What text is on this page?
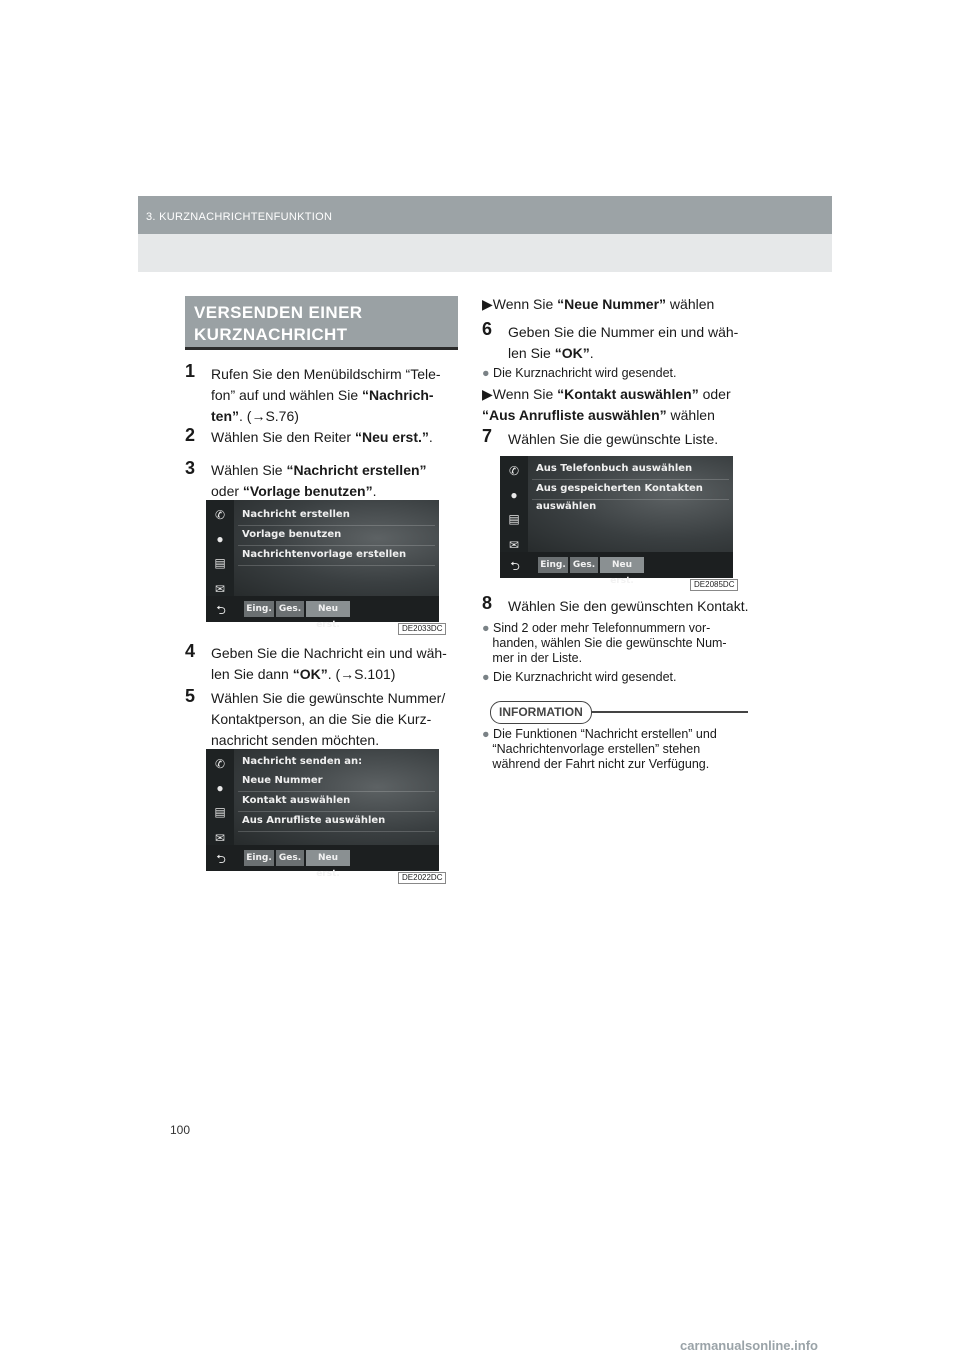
3. KURZNACHRICHTENFUNKTION
VERSENDEN EINER KURZNACHRICHT
1 Rufen Sie den Menübildschirm “Tele-
fon” auf und wählen Sie “Nachrich-
ten”. (→S.76)
2 Wählen Sie den Reiter “Neu erst.”.
3 Wählen Sie “Nachricht erstellen”
oder “Vorlage benutzen”.
✆
●
▤
✉
Nachricht erstellen
Vorlage benutzen
Nachrichtenvorlage erstellen
⮌	Eing. Ges.	Neu erst.	DE2033DC
4 Geben Sie die Nachricht ein und wäh-
len Sie dann “OK”. (→S.101)
5 Wählen Sie die gewünschte Nummer/
Kontaktperson, an die Sie die Kurz-
nachricht senden möchten.
✆
●
▤
✉
Nachricht senden an:
Neue Nummer
Kontakt auswählen
Aus Anrufliste auswählen
⮌	Eing. Ges.	Neu erst.	DE2022DC
▶Wenn Sie “Neue Nummer” wählen
6 Geben Sie die Nummer ein und wäh-
len Sie “OK”.
● Die Kurznachricht wird gesendet.
▶Wenn Sie “Kontakt auswählen” oder
“Aus Anrufliste auswählen” wählen
7 Wählen Sie die gewünschte Liste.
✆
●
▤
✉
Aus Telefonbuch auswählen
Aus gespeicherten Kontakten auswählen
⮌	Eing. Ges.	Neu erst.	DE2085DC
8 Wählen Sie den gewünschten Kontakt.
● Sind 2 oder mehr Telefonnummern vor-
handen, wählen Sie die gewünschte Num-
mer in der Liste.
● Die Kurznachricht wird gesendet.
INFORMATION
● Die Funktionen “Nachricht erstellen” und
“Nachrichtenvorlage erstellen” stehen
während der Fahrt nicht zur Verfügung.
100
carmanualsonline.info
